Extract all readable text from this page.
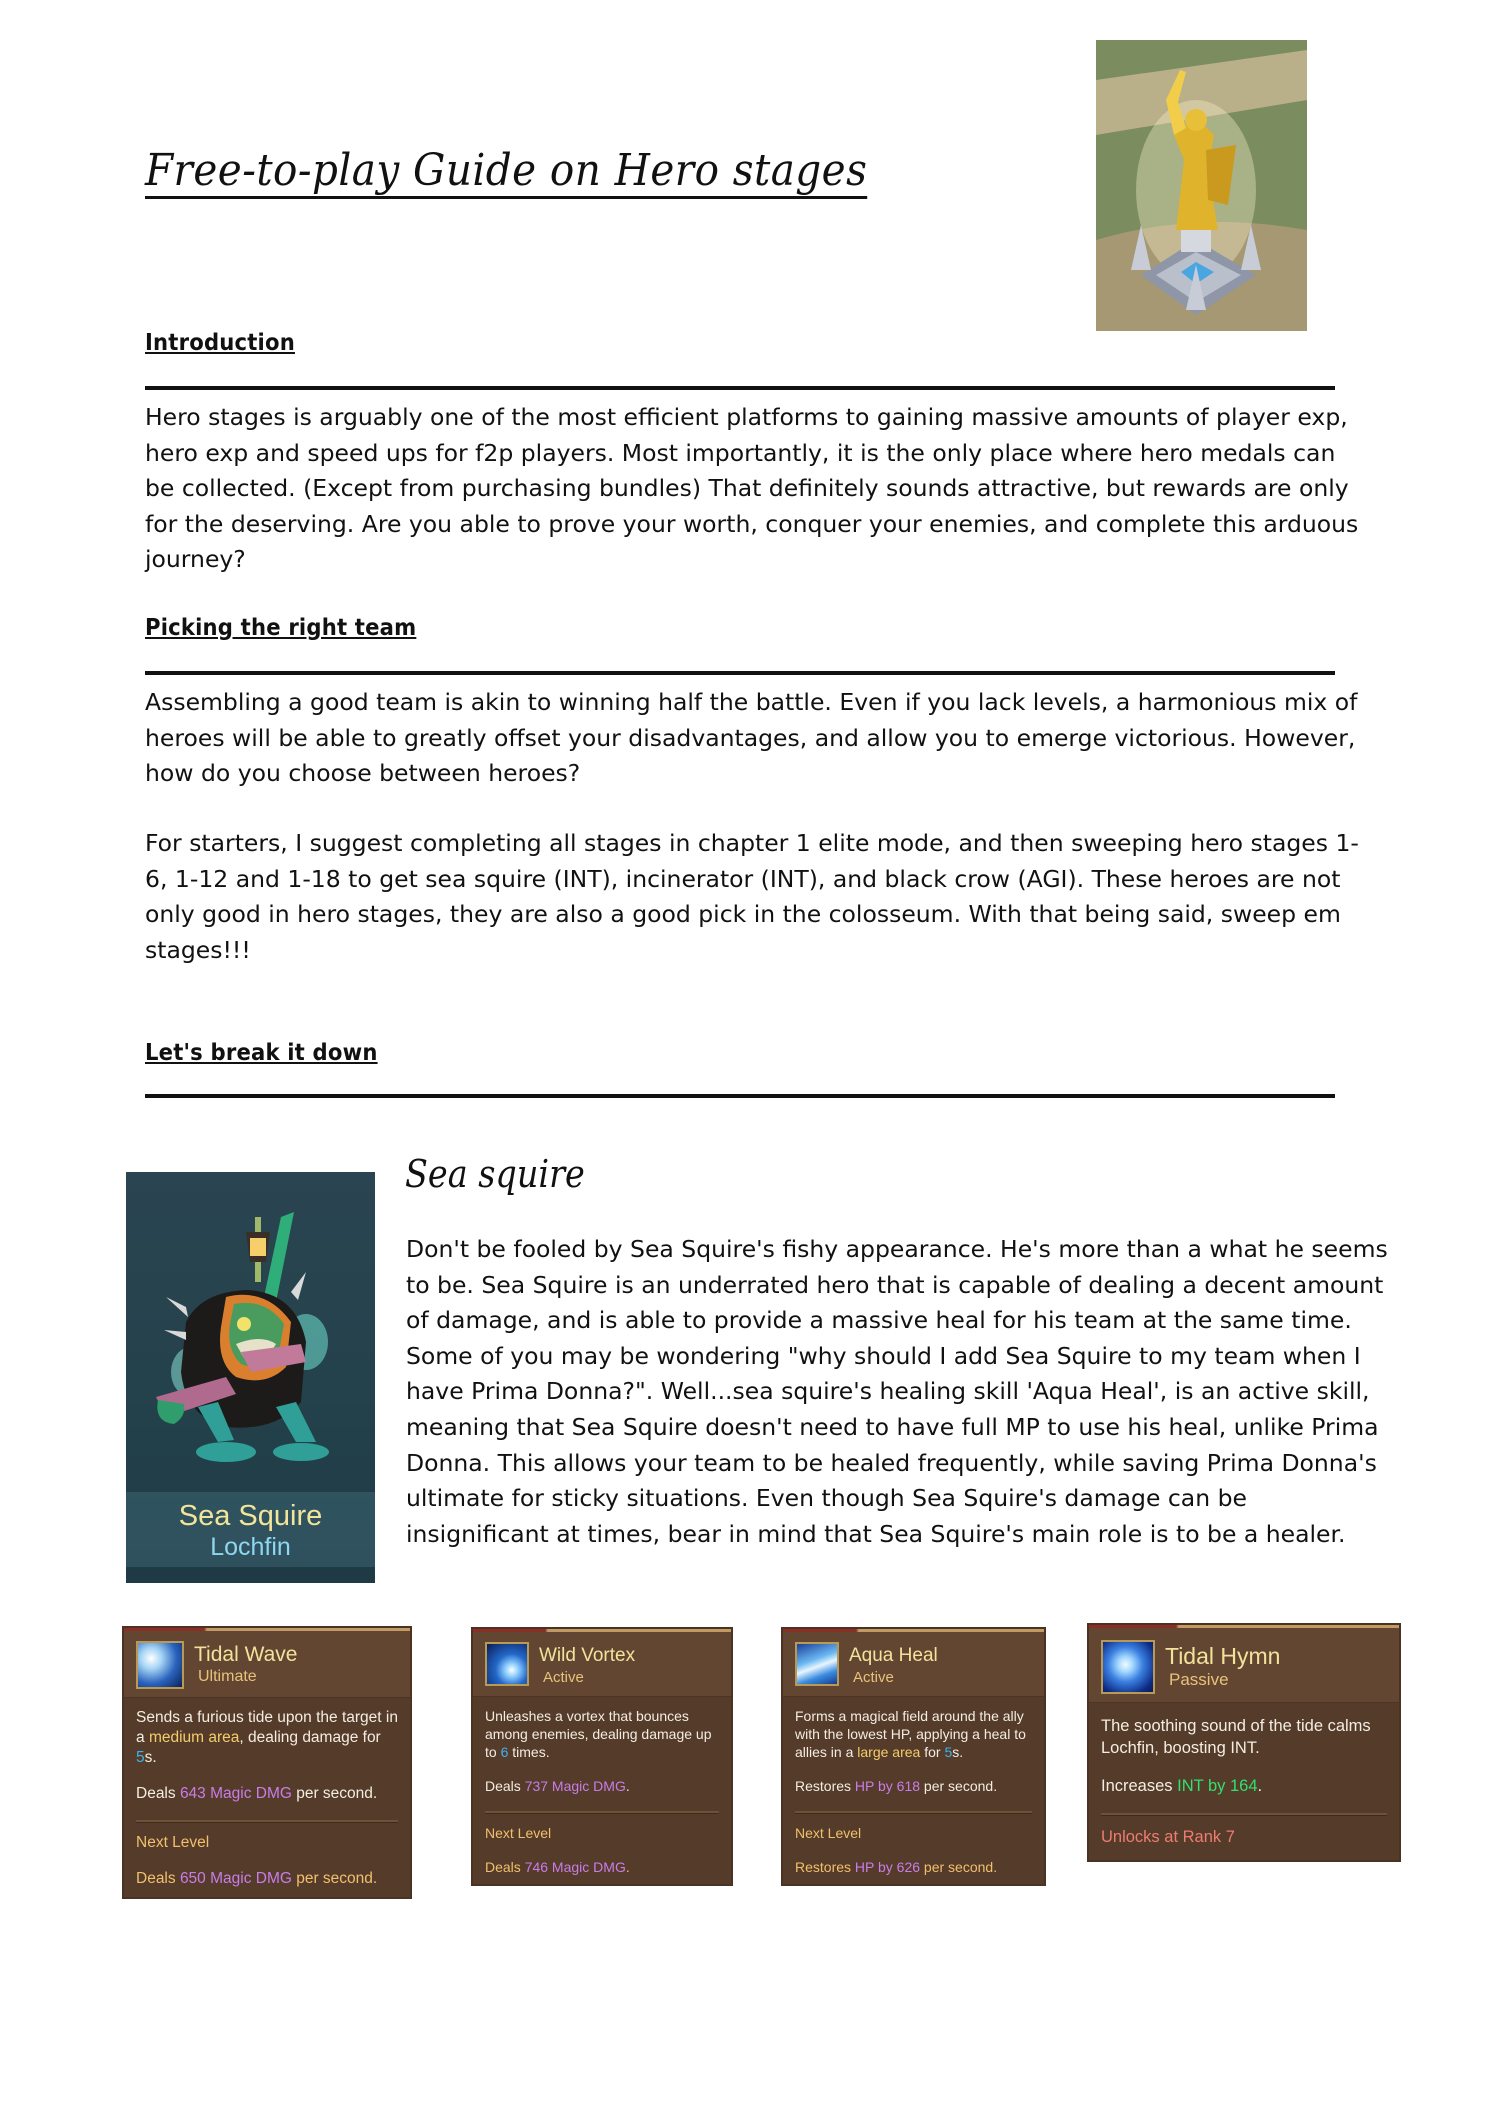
Free-to-play Guide on Hero stages
Introduction

Hero stages is arguably one of the most efficient platforms to gaining massive amounts of player exp, hero exp and speed ups for f2p players. Most importantly, it is the only place where hero medals can be collected. (Except from purchasing bundles) That definitely sounds attractive, but rewards are only for the deserving. Are you able to prove your worth, conquer your enemies, and complete this arduous journey?

Picking the right team

Assembling a good team is akin to winning half the battle. Even if you lack levels, a harmonious mix of heroes will be able to greatly offset your disadvantages, and allow you to emerge victorious. However, how do you choose between heroes?

For starters, I suggest completing all stages in chapter 1 elite mode, and then sweeping hero stages 1-6, 1-12 and 1-18 to get sea squire (INT), incinerator (INT), and black crow (AGI). These heroes are not only good in hero stages, they are also a good pick in the colosseum. With that being said, sweep em stages!!!

Let's break it down
Sea Squire
Lochfin
Sea squire
Don't be fooled by Sea Squire's fishy appearance. He's more than a what he seems to be. Sea Squire is an underrated hero that is capable of dealing a decent amount of damage, and is able to provide a massive heal for his team at the same time. Some of you may be wondering "why should I add Sea Squire to my team when I have Prima Donna?". Well...sea squire's healing skill 'Aqua Heal', is an active skill, meaning that Sea Squire doesn't need to have full MP to use his heal, unlike Prima Donna. This allows your team to be healed frequently, while saving Prima Donna's ultimate for sticky situations. Even though Sea Squire's damage can be insignificant at times, bear in mind that Sea Squire's main role is to be a healer.
Tidal Wave
Ultimate

Sends a furious tide upon the target in a medium area, dealing damage for 5s.

Deals 643 Magic DMG per second.

Next Level

Deals 650 Magic DMG per second.

Wild Vortex
Active

Unleashes a vortex that bounces among enemies, dealing damage up to 6 times.

Deals 737 Magic DMG.

Next Level

Deals 746 Magic DMG.

Aqua Heal
Active

Forms a magical field around the ally with the lowest HP, applying a heal to allies in a large area for 5s.

Restores HP by 618 per second.

Next Level

Restores HP by 626 per second.

Tidal Hymn
Passive

The soothing sound of the tide calms Lochfin, boosting INT.

Increases INT by 164.

Unlocks at Rank 7
